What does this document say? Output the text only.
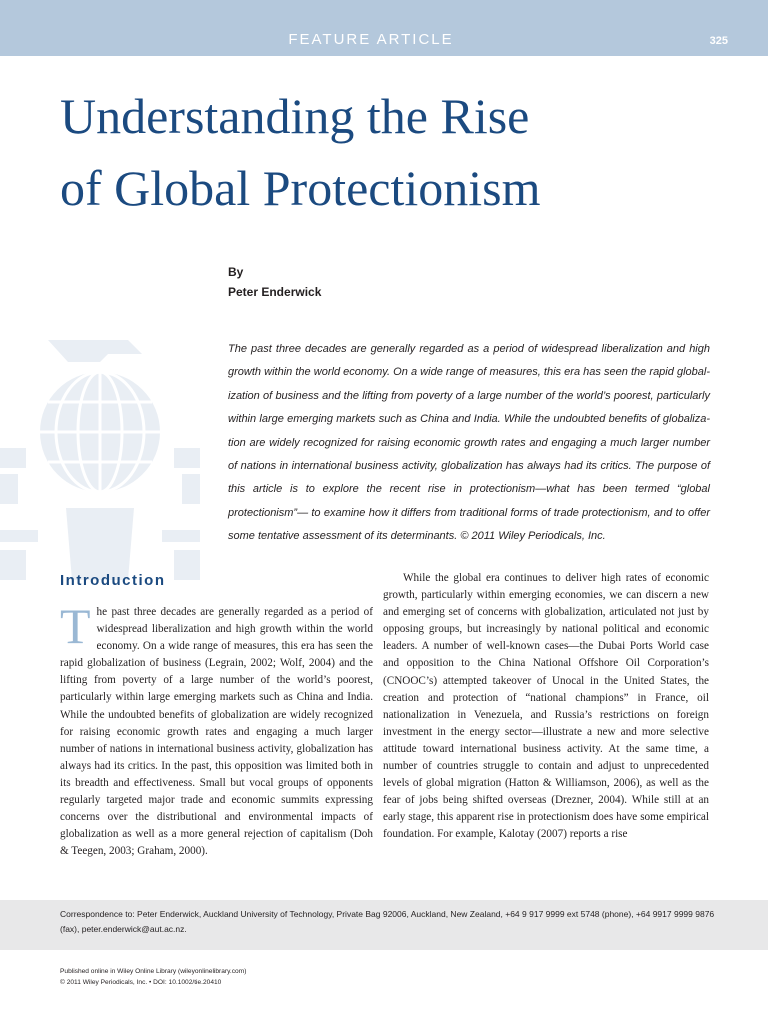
FEATURE ARTICLE	325
Understanding the Rise
of Global Protectionism
By
Peter Enderwick
The past three decades are generally regarded as a period of widespread liberalization and high growth within the world economy. On a wide range of measures, this era has seen the rapid global- ization of business and the lifting from poverty of a large number of the world’s poorest, particularly within large emerging markets such as China and India. While the undoubted benefits of globaliza- tion are widely recognized for raising economic growth rates and engaging a much larger number of nations in international business activity, globalization has always had its critics. The purpose of this article is to explore the recent rise in protectionism—what has been termed “global protectionism”— to examine how it differs from traditional forms of trade protectionism, and to offer some tentative assessment of its determinants. © 2011 Wiley Periodicals, Inc.
Introduction

The past three decades are generally regarded as a period of widespread liberalization and high growth within the world economy. On a wide range of measures, this era has seen the rapid globalization of business (Legrain, 2002; Wolf, 2004) and the lifting from poverty of a large number of the world’s poorest, particularly within large emerging markets such as China and India. While the undoubted benefits of globalization are widely recognized for raising economic growth rates and engaging a much larger number of nations in international business activity, globalization has always had its critics. In the past, this opposition was limited both in its breadth and effectiveness. Small but vocal groups of opponents regularly targeted major trade and economic summits expressing concerns over the distributional and environmental impacts of globalization as well as a more general rejection of capitalism (Doh & Teegen, 2003; Graham, 2000).

While the global era continues to deliver high rates of economic growth, particularly within emerging economies, we can discern a new and emerging set of concerns with globalization, articulated not just by opposing groups, but increasingly by national political and economic leaders. A number of well-known cases—the Dubai Ports World case and opposition to the China National Offshore Oil Corporation’s (CNOOC’s) attempted takeover of Unocal in the United States, the creation and protection of “national champions” in France, oil nationalization in Venezuela, and Russia’s restrictions on foreign investment in the energy sector—illustrate a new and more selective attitude toward international business activity. At the same time, a number of countries struggle to contain and adjust to unprecedented levels of global migration (Hatton & Williamson, 2006), as well as the fear of jobs being shifted overseas (Drezner, 2004). While still at an early stage, this apparent rise in protectionism does have some empirical foundation. For example, Kalotay (2007) reports a rise

Correspondence to: Peter Enderwick, Auckland University of Technology, Private Bag 92006, Auckland, New Zealand, +64 9 917 9999 ext 5748 (phone), +64 9917 9999 9876 (fax), peter.enderwick@aut.ac.nz.

Published online in Wiley Online Library (wileyonlinelibrary.com)
© 2011 Wiley Periodicals, Inc. • DOI: 10.1002/tie.20410
